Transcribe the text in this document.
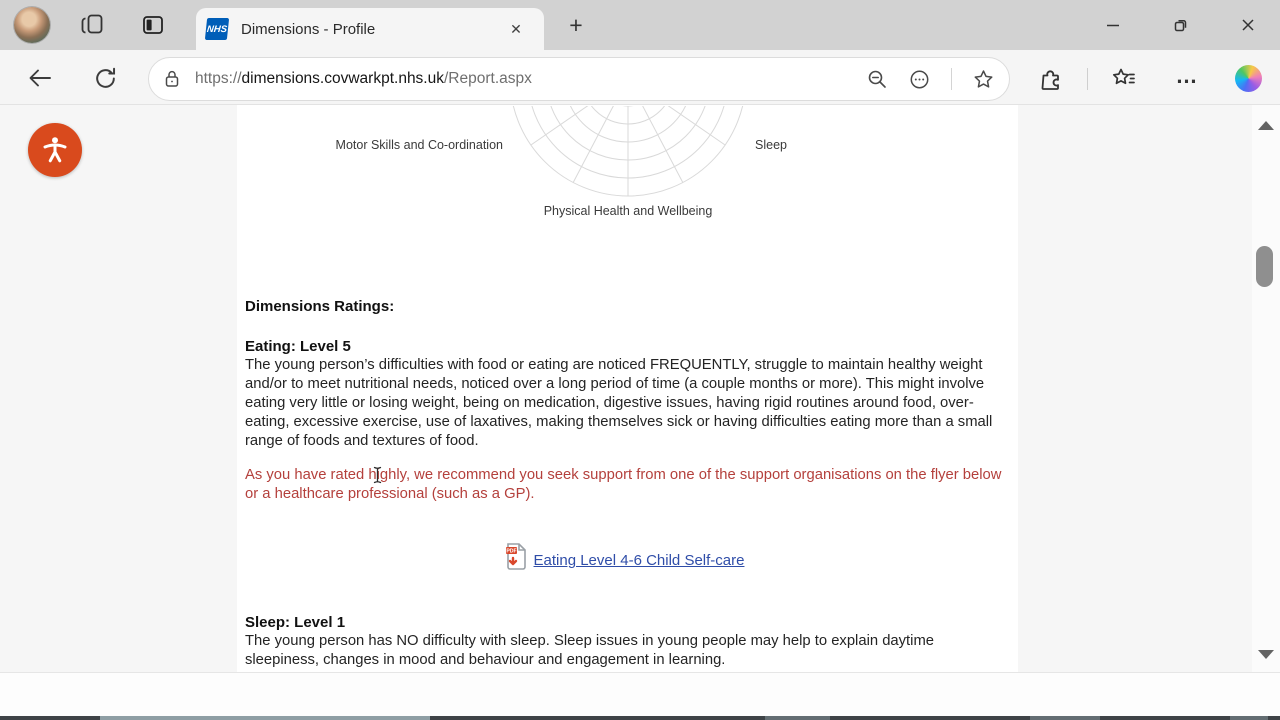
NHS Dimensions - Profile	✕	+
https://dimensions.covwarkpt.nhs.uk/Report.aspx	…
Motor Skills and Co-ordination	Sleep
Physical Health and Wellbeing
Dimensions Ratings:
Eating: Level 5

The young person’s difficulties with food or eating are noticed FREQUENTLY, struggle to maintain healthy weight and/or to meet nutritional needs, noticed over a long period of time (a couple months or more). This might involve eating very little or losing weight, being on medication, digestive issues, having rigid routines around food, over-eating, excessive exercise, use of laxatives, making themselves sick or having difficulties eating more than a small range of foods and textures of food.

As you have rated highly, we recommend you seek support from one of the support organisations on the flyer below or a healthcare professional (such as a GP).

PDF
Eating Level 4-6 Child Self-care
Sleep: Level 1

The young person has NO difficulty with sleep. Sleep issues in young people may help to explain daytime sleepiness, changes in mood and behaviour and engagement in learning.
